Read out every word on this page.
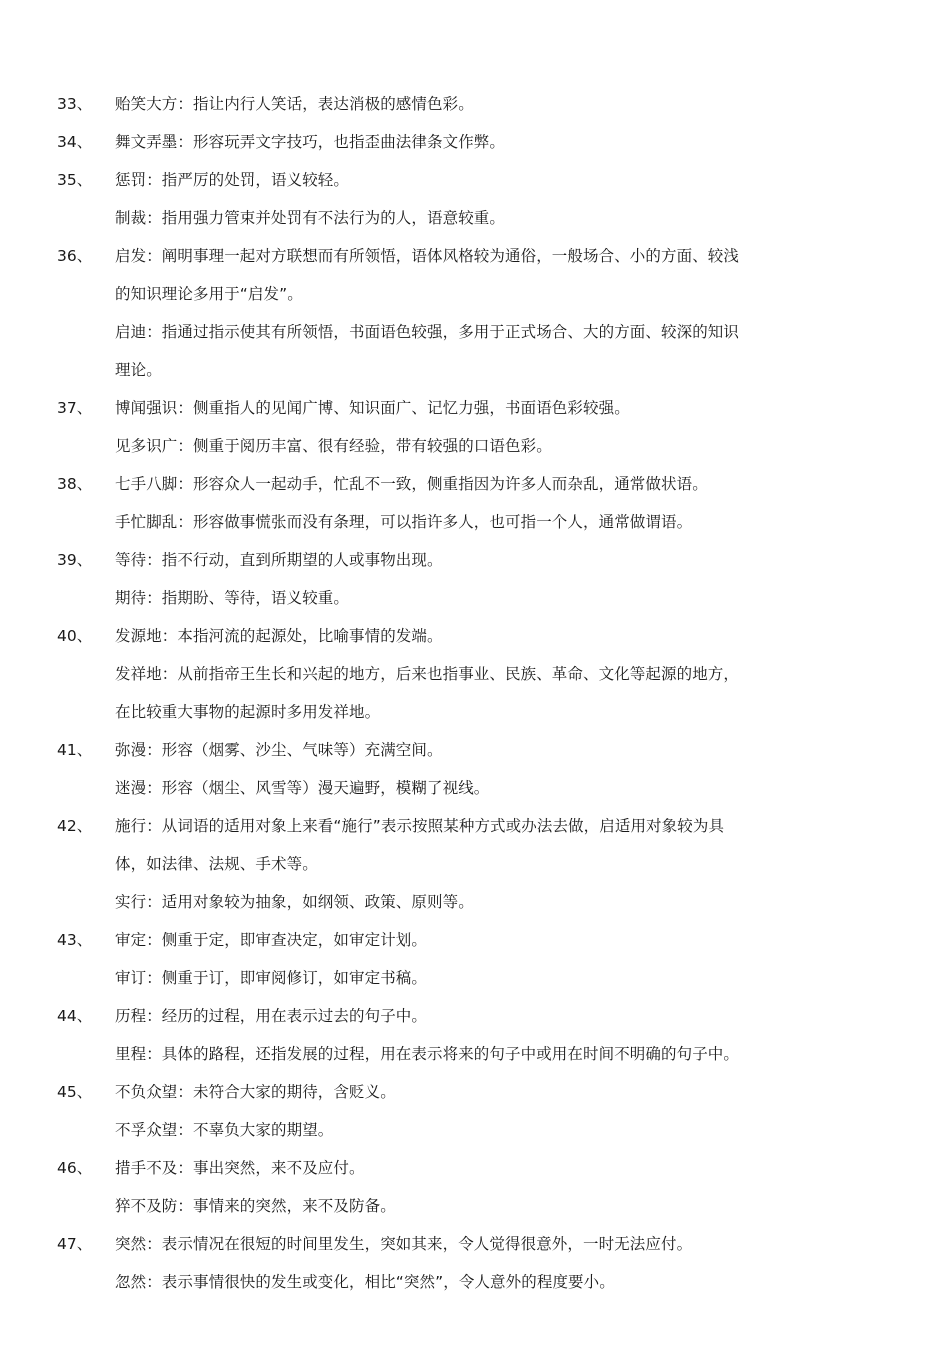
33、	贻笑大方：指让内行人笑话，表达消极的感情色彩。
34、	舞文弄墨：形容玩弄文字技巧，也指歪曲法律条文作弊。
35、	惩罚：指严厉的处罚，语义较轻。
制裁：指用强力管束并处罚有不法行为的人，语意较重。
36、	启发：阐明事理一起对方联想而有所领悟，语体风格较为通俗，一般场合、小的方面、较浅
的知识理论多用于“启发”。
启迪：指通过指示使其有所领悟，书面语色较强，多用于正式场合、大的方面、较深的知识
理论。
37、	博闻强识：侧重指人的见闻广博、知识面广、记忆力强，书面语色彩较强。
见多识广：侧重于阅历丰富、很有经验，带有较强的口语色彩。
38、	七手八脚：形容众人一起动手，忙乱不一致，侧重指因为许多人而杂乱，通常做状语。
手忙脚乱：形容做事慌张而没有条理，可以指许多人，也可指一个人，通常做谓语。
39、	等待：指不行动，直到所期望的人或事物出现。
期待：指期盼、等待，语义较重。
40、	发源地：本指河流的起源处，比喻事情的发端。
发祥地：从前指帝王生长和兴起的地方，后来也指事业、民族、革命、文化等起源的地方，
在比较重大事物的起源时多用发祥地。
41、	弥漫：形容（烟雾、沙尘、气味等）充满空间。
迷漫：形容（烟尘、风雪等）漫天遍野，模糊了视线。
42、	施行：从词语的适用对象上来看“施行”表示按照某种方式或办法去做，启适用对象较为具
体，如法律、法规、手术等。
实行：适用对象较为抽象，如纲领、政策、原则等。
43、	审定：侧重于定，即审查决定，如审定计划。
审订：侧重于订，即审阅修订，如审定书稿。
44、	历程：经历的过程，用在表示过去的句子中。
里程：具体的路程，还指发展的过程，用在表示将来的句子中或用在时间不明确的句子中。
45、	不负众望：未符合大家的期待，含贬义。
不孚众望：不辜负大家的期望。
46、	措手不及：事出突然，来不及应付。
猝不及防：事情来的突然，来不及防备。
47、	突然：表示情况在很短的时间里发生，突如其来，令人觉得很意外，一时无法应付。
忽然：表示事情很快的发生或变化，相比“突然”，令人意外的程度要小。
